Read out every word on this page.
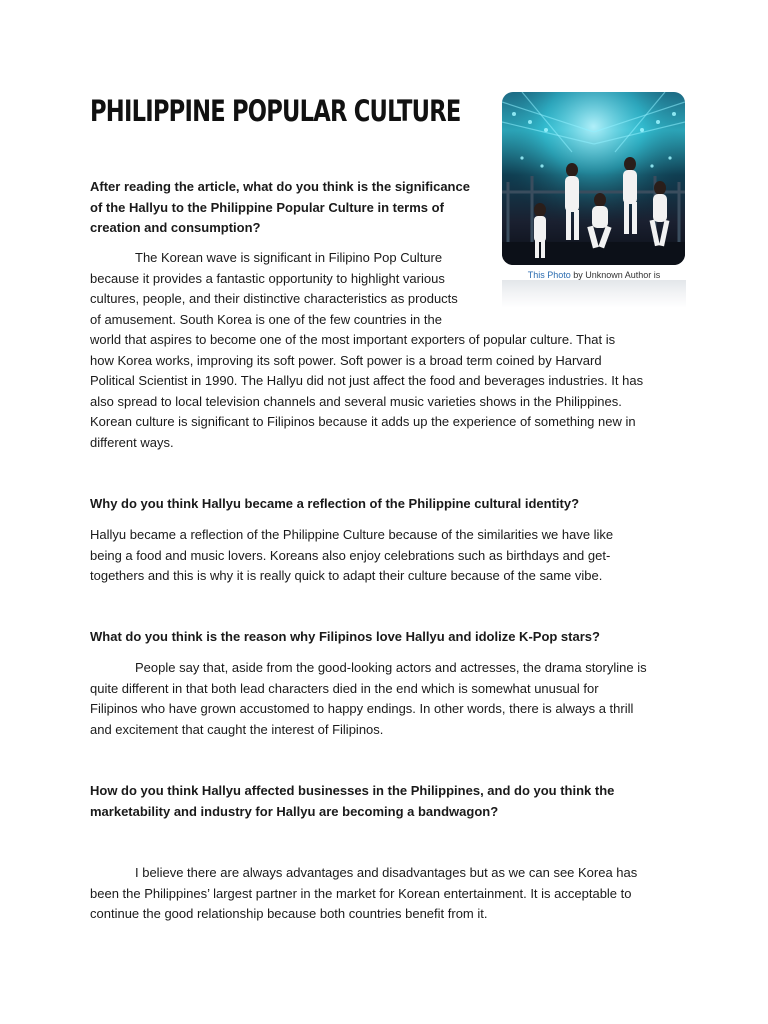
PHILIPPINE POPULAR CULTURE
This Photo by Unknown Author is
After reading the article, what do you think is the significance
of the Hallyu to the Philippine Popular Culture in terms of
creation and consumption?
The Korean wave is significant in Filipino Pop Culture
because it provides a fantastic opportunity to highlight various
cultures, people, and their distinctive characteristics as products
of amusement. South Korea is one of the few countries in the
world that aspires to become one of the most important exporters of popular culture. That is
how Korea works, improving its soft power. Soft power is a broad term coined by Harvard
Political Scientist in 1990. The Hallyu did not just affect the food and beverages industries. It has
also spread to local television channels and several music varieties shows in the Philippines.
Korean culture is significant to Filipinos because it adds up the experience of something new in
different ways.
Why do you think Hallyu became a reflection of the Philippine cultural identity?
Hallyu became a reflection of the Philippine Culture because of the similarities we have like
being a food and music lovers. Koreans also enjoy celebrations such as birthdays and get-
togethers and this is why it is really quick to adapt their culture because of the same vibe.
What do you think is the reason why Filipinos love Hallyu and idolize K-Pop stars?
People say that, aside from the good-looking actors and actresses, the drama storyline is
quite different in that both lead characters died in the end which is somewhat unusual for
Filipinos who have grown accustomed to happy endings. In other words, there is always a thrill
and excitement that caught the interest of Filipinos.
How do you think Hallyu affected businesses in the Philippines, and do you think the
marketability and industry for Hallyu are becoming a bandwagon?
I believe there are always advantages and disadvantages but as we can see Korea has
been the Philippines’ largest partner in the market for Korean entertainment. It is acceptable to
continue the good relationship because both countries benefit from it.
